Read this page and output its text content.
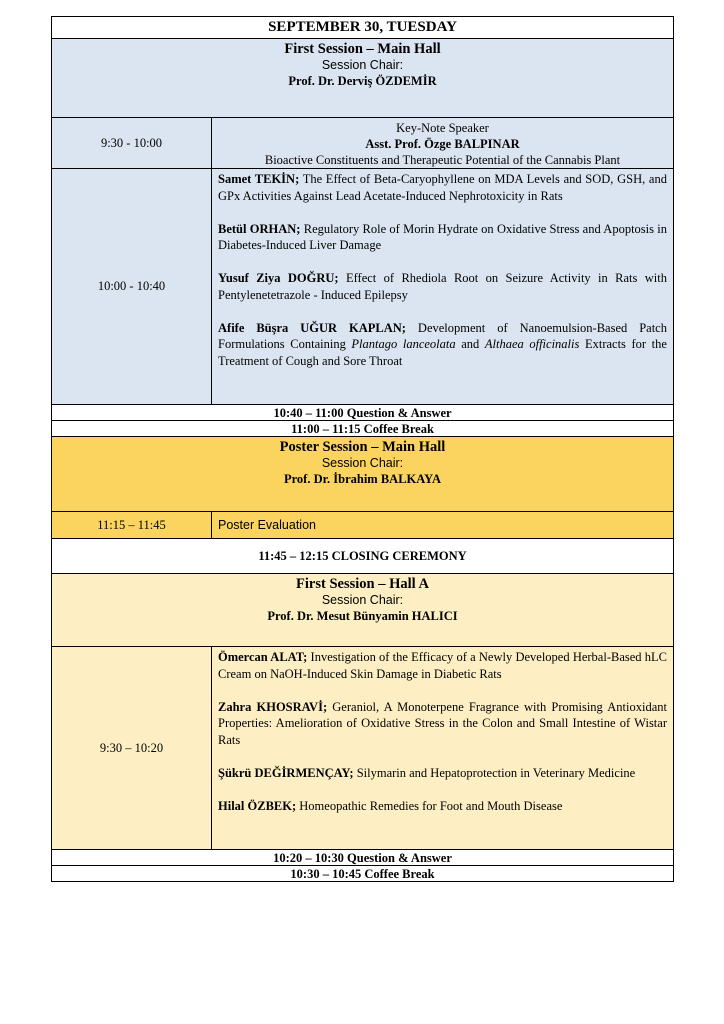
SEPTEMBER 30, TUESDAY	

First Session – Main Hall
Session Chair:
Prof. Dr. Derviş ÖZDEMİR	

9:30 - 10:00	Key-Note Speaker
Asst. Prof. Özge BALPINAR
Bioactive Constituents and Therapeutic Potential of the Cannabis Plant

10:00 - 10:40	Samet TEKİN; The Effect of Beta-Caryophyllene on MDA Levels and SOD, GSH, and GPx Activities Against Lead Acetate-Induced Nephrotoxicity in Rats

Betül ORHAN; Regulatory Role of Morin Hydrate on Oxidative Stress and Apoptosis in Diabetes-Induced Liver Damage

Yusuf Ziya DOĞRU; Effect of Rhediola Root on Seizure Activity in Rats with Pentylenetetrazole - Induced Epilepsy

Afife Büşra UĞUR KAPLAN; Development of Nanoemulsion-Based Patch Formulations Containing Plantago lanceolata and Althaea officinalis Extracts for the Treatment of Cough and Sore Throat

10:40 – 11:00 Question & Answer	
11:00 – 11:15 Coffee Break	

Poster Session – Main Hall
Session Chair:
Prof. Dr. İbrahim BALKAYA	

11:15 – 11:45	Poster Evaluation
11:45 – 12:15 CLOSING CEREMONY	

First Session – Hall A
Session Chair:
Prof. Dr. Mesut Bünyamin HALICI	

9:30 – 10:20	Ömercan ALAT; Investigation of the Efficacy of a Newly Developed Herbal-Based hLC Cream on NaOH-Induced Skin Damage in Diabetic Rats

Zahra KHOSRAVİ; Geraniol, A Monoterpene Fragrance with Promising Antioxidant Properties: Amelioration of Oxidative Stress in the Colon and Small Intestine of Wistar Rats

Şükrü DEĞİRMENÇAY; Silymarin and Hepatoprotection in Veterinary Medicine

Hilal ÖZBEK; Homeopathic Remedies for Foot and Mouth Disease

10:20 – 10:30 Question & Answer	
10:30 – 10:45 Coffee Break	
